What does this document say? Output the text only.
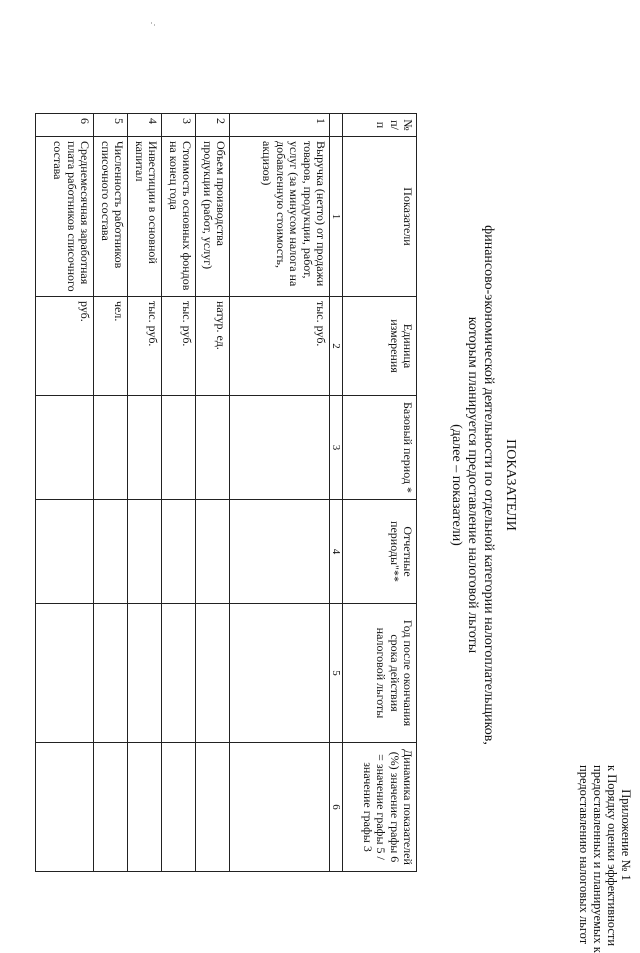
Приложение № 1
к Порядку оценки эффективности
предоставленных и планируемых к
предоставлению налоговых льгот
ПОКАЗАТЕЛИ
финансово-экономической деятельности по отдельной категории налогоплательщиков,
которым планируется предоставление налоговой льготы
(далее – показатели)
№ п/п	Показатели	Единица измерения	Базовый период *	Отчетные периоды"**	Год после окончания срока действия налоговой льготы	Динамика показателей (%) значение графы 6 = значение графы 5 / значение графы 3
	1	2	3	4	5	6
1	Выручка (нетто) от продажи товаров, продукции, работ, услуг (за минусом налога на добавленную стоимость, акцизов)	тыс. руб.				
2	Объем производства продукции (работ, услуг)	натур. ед.				
3	Стоимость основных фондов на конец года	тыс. руб.				
4	Инвестиции в основной капитал	тыс. руб.				
5	Численность работников списочного состава	чел.				
6	Среднемесячная заработная плата работников списочного состава	руб.				
